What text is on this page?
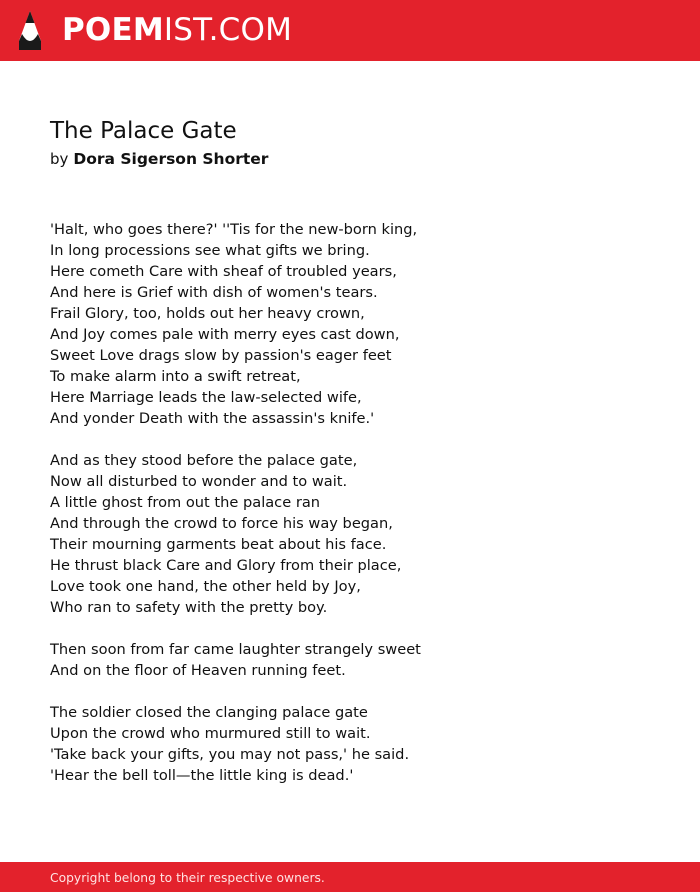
POEMIST.COM
The Palace Gate
by Dora Sigerson Shorter
'Halt, who goes there?' ''Tis for the new-born king,
In long processions see what gifts we bring.
Here cometh Care with sheaf of troubled years,
And here is Grief with dish of women's tears.
Frail Glory, too, holds out her heavy crown,
And Joy comes pale with merry eyes cast down,
Sweet Love drags slow by passion's eager feet
To make alarm into a swift retreat,
Here Marriage leads the law-selected wife,
And yonder Death with the assassin's knife.'
And as they stood before the palace gate,
Now all disturbed to wonder and to wait.
A little ghost from out the palace ran
And through the crowd to force his way began,
Their mourning garments beat about his face.
He thrust black Care and Glory from their place,
Love took one hand, the other held by Joy,
Who ran to safety with the pretty boy.
Then soon from far came laughter strangely sweet
And on the floor of Heaven running feet.
The soldier closed the clanging palace gate
Upon the crowd who murmured still to wait.
'Take back your gifts, you may not pass,' he said.
'Hear the bell toll—the little king is dead.'
Copyright belong to their respective owners.
